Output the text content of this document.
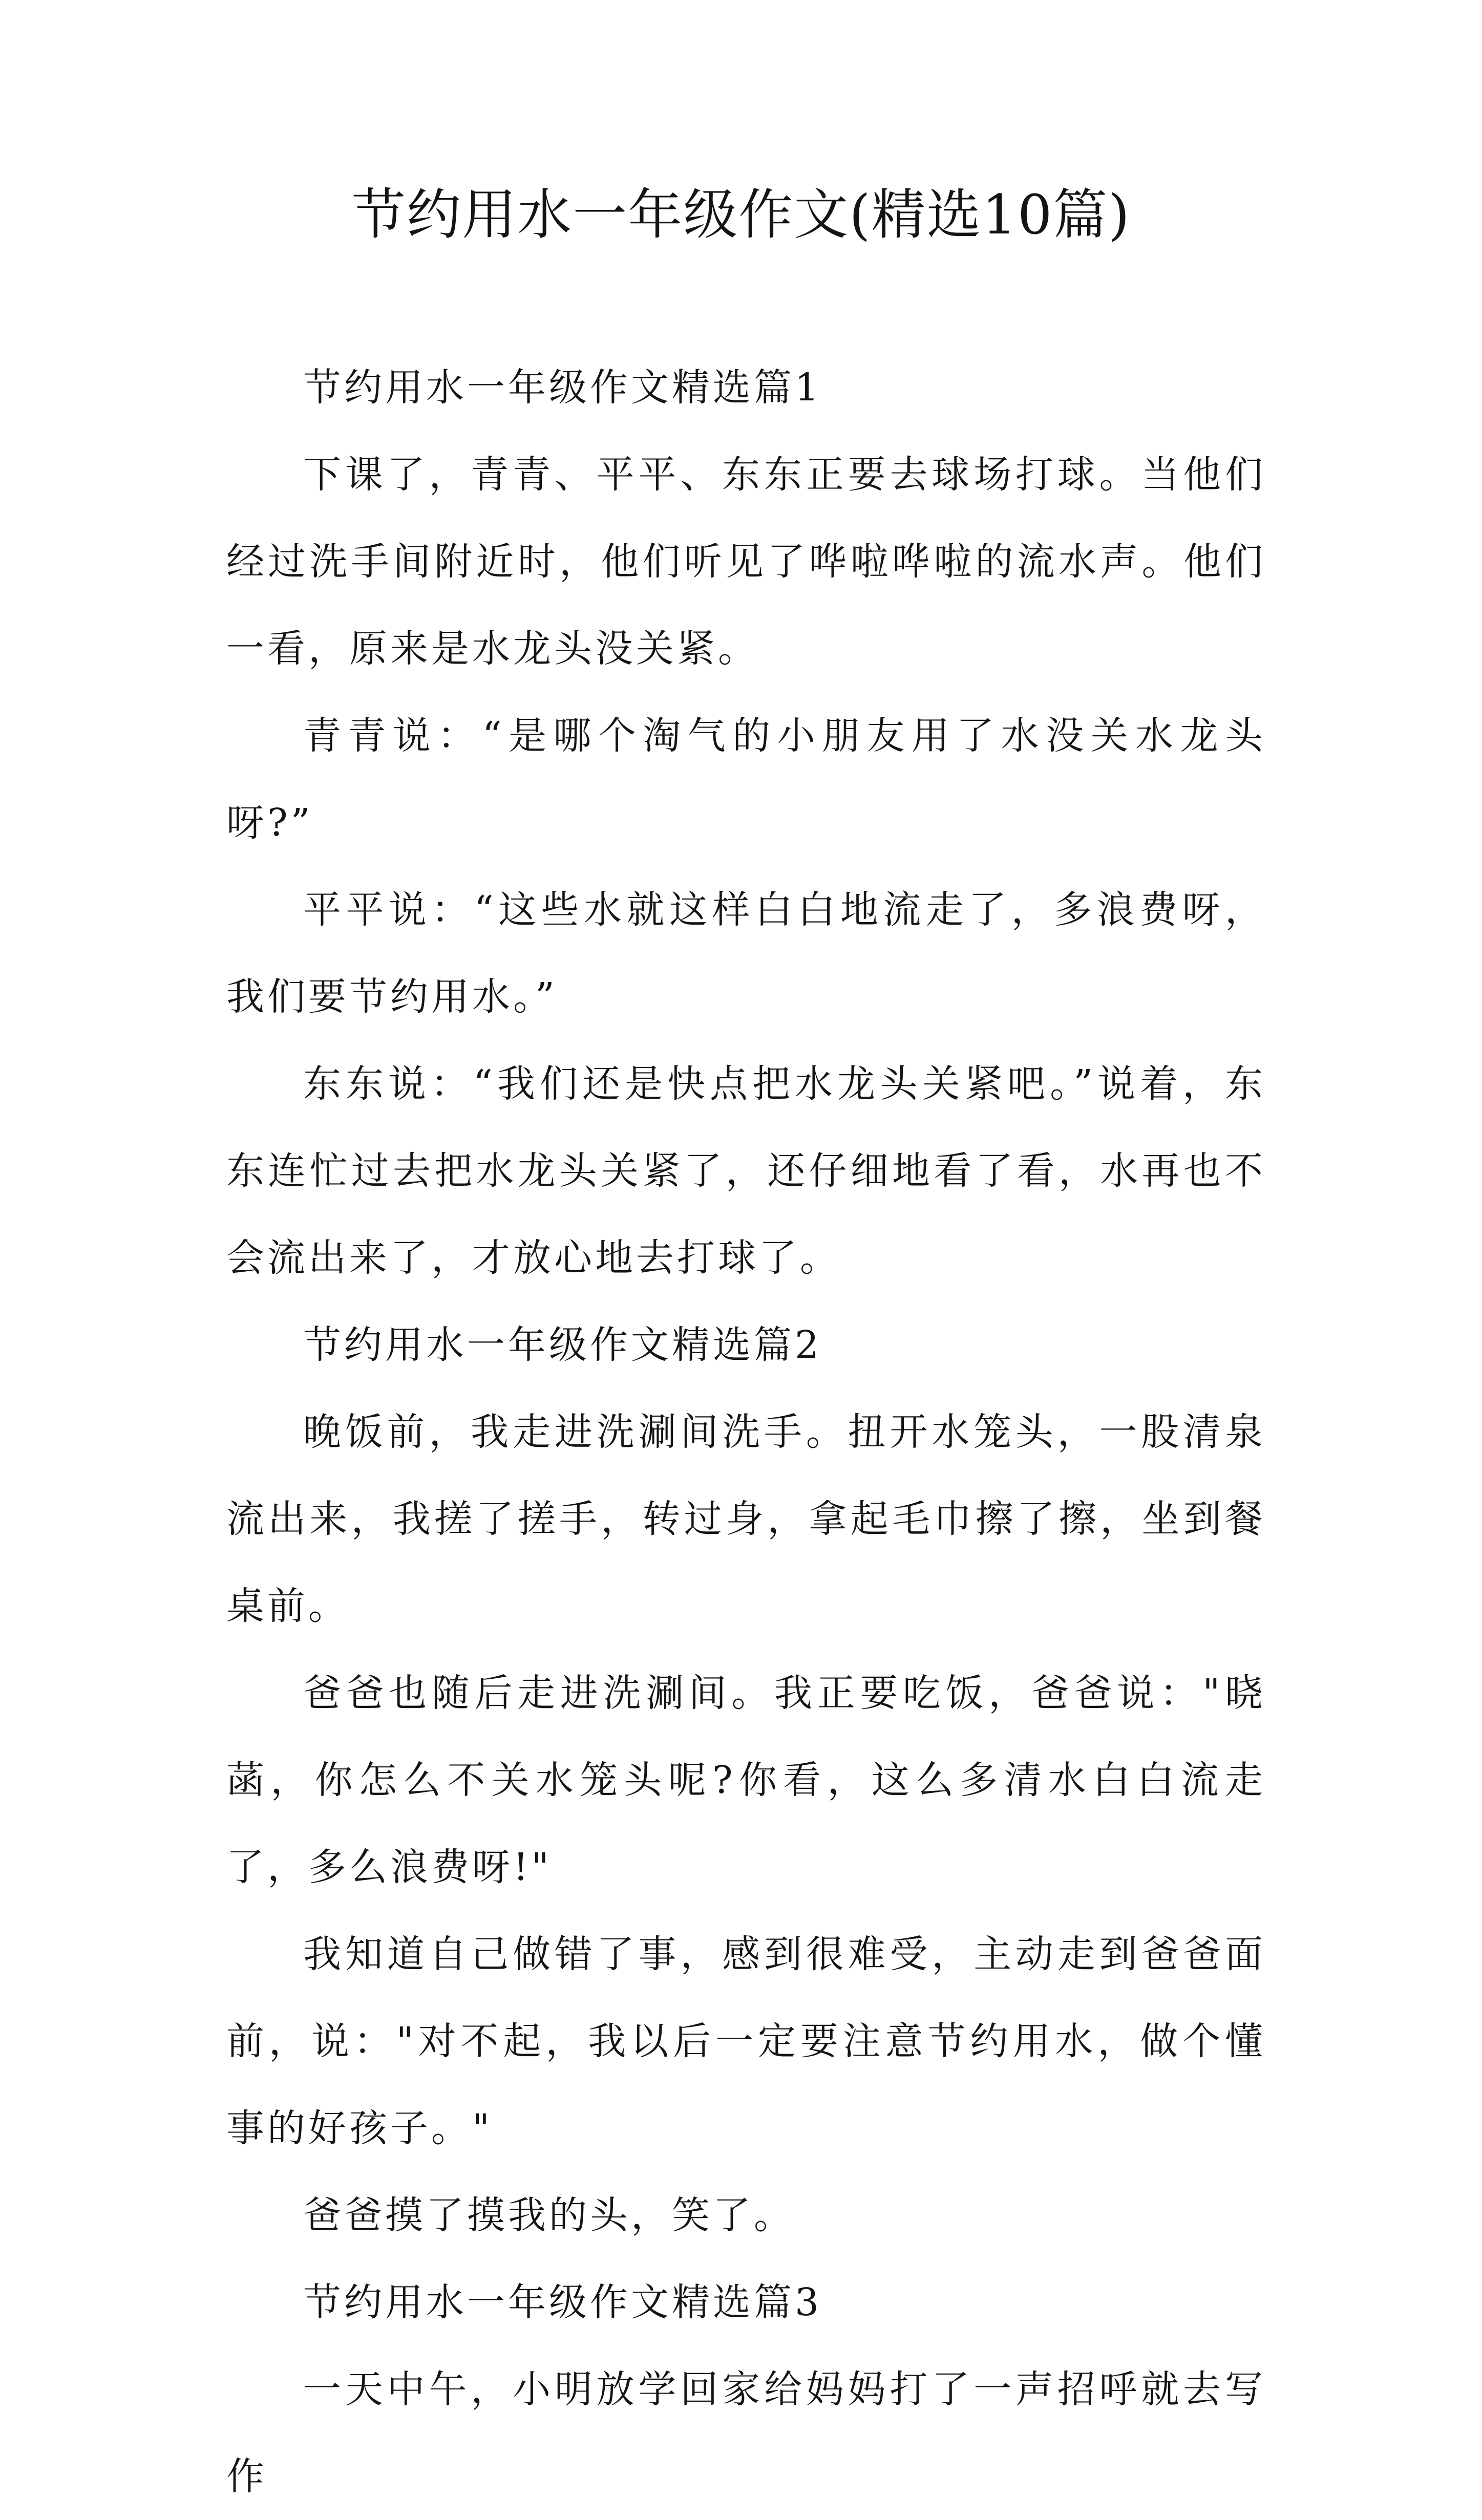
节约用水一年级作文(精选10篇)

节约用水一年级作文精选篇1

下课了，青青、平平、东东正要去球场打球。当他们经过洗手间附近时，他们听见了哗啦哗啦的流水声。他们一看，原来是水龙头没关紧。

青青说：“是哪个淘气的小朋友用了水没关水龙头呀?”

平平说：“这些水就这样白白地流走了，多浪费呀，我们要节约用水。”

东东说：“我们还是快点把水龙头关紧吧。”说着，东东连忙过去把水龙头关紧了，还仔细地看了看，水再也不会流出来了，才放心地去打球了。

节约用水一年级作文精选篇2

晚饭前，我走进洗涮间洗手。扭开水笼头，一股清泉流出来，我搓了搓手，转过身，拿起毛巾擦了擦，坐到餐桌前。

爸爸也随后走进洗涮间。我正要吃饭，爸爸说："晓菡，你怎么不关水笼头呢?你看，这么多清水白白流走了，多么浪费呀!"

我知道自己做错了事，感到很难受，主动走到爸爸面前，说："对不起，我以后一定要注意节约用水，做个懂事的好孩子。"

爸爸摸了摸我的头，笑了。

节约用水一年级作文精选篇3

一天中午，小明放学回家给妈妈打了一声招呼就去写作
